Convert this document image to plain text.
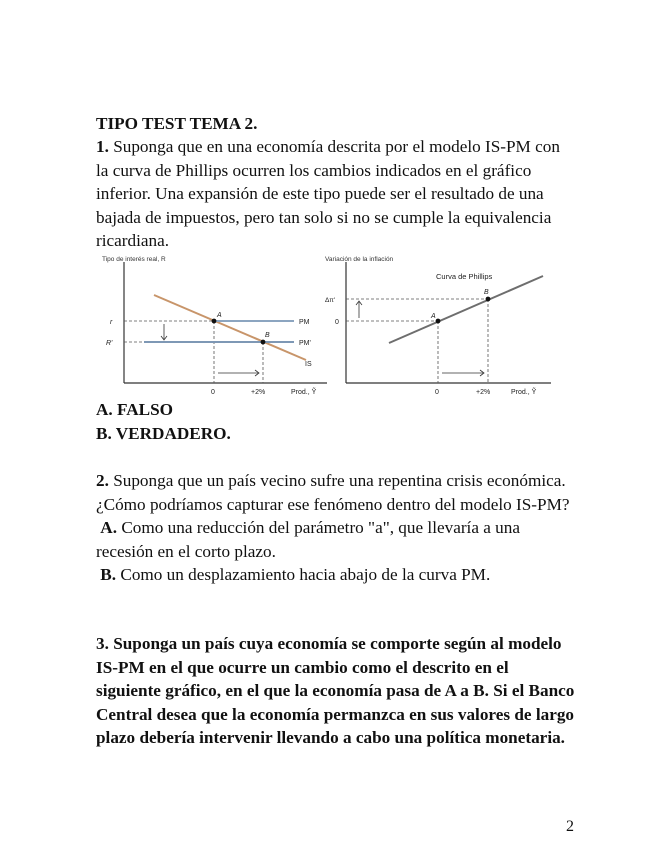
TIPO TEST TEMA 2.
1. Suponga que en una economía descrita por el modelo IS-PM con la curva de Phillips ocurren los cambios indicados en el gráfico inferior. Una expansión de este tipo puede ser el resultado de una bajada de impuestos, pero tan solo si no se cumple la equivalencia ricardiana.
Tipo de interés real, R
A
B
r
R'
PM
PM'
IS
0	+2%	Prod., Ỹ
Variación de la inflación
Curva de Phillips
A
B
Δπ'
0
0	+2%	Prod., Ỹ
A. FALSO
B. VERDADERO.
2. Suponga que un país vecino sufre una repentina crisis económica. ¿Cómo podríamos capturar ese fenómeno dentro del modelo IS-PM?
A. Como una reducción del parámetro "a", que llevaría a una recesión en el corto plazo.
B. Como un desplazamiento hacia abajo de la curva PM.
3. Suponga un país cuya economía se comporte según al modelo IS-PM en el que ocurre un cambio como el descrito en el siguiente gráfico, en el que la economía pasa de A a B. Si el Banco Central desea que la economía permanzca en sus valores de largo plazo debería intervenir llevando a cabo una política monetaria.
2
